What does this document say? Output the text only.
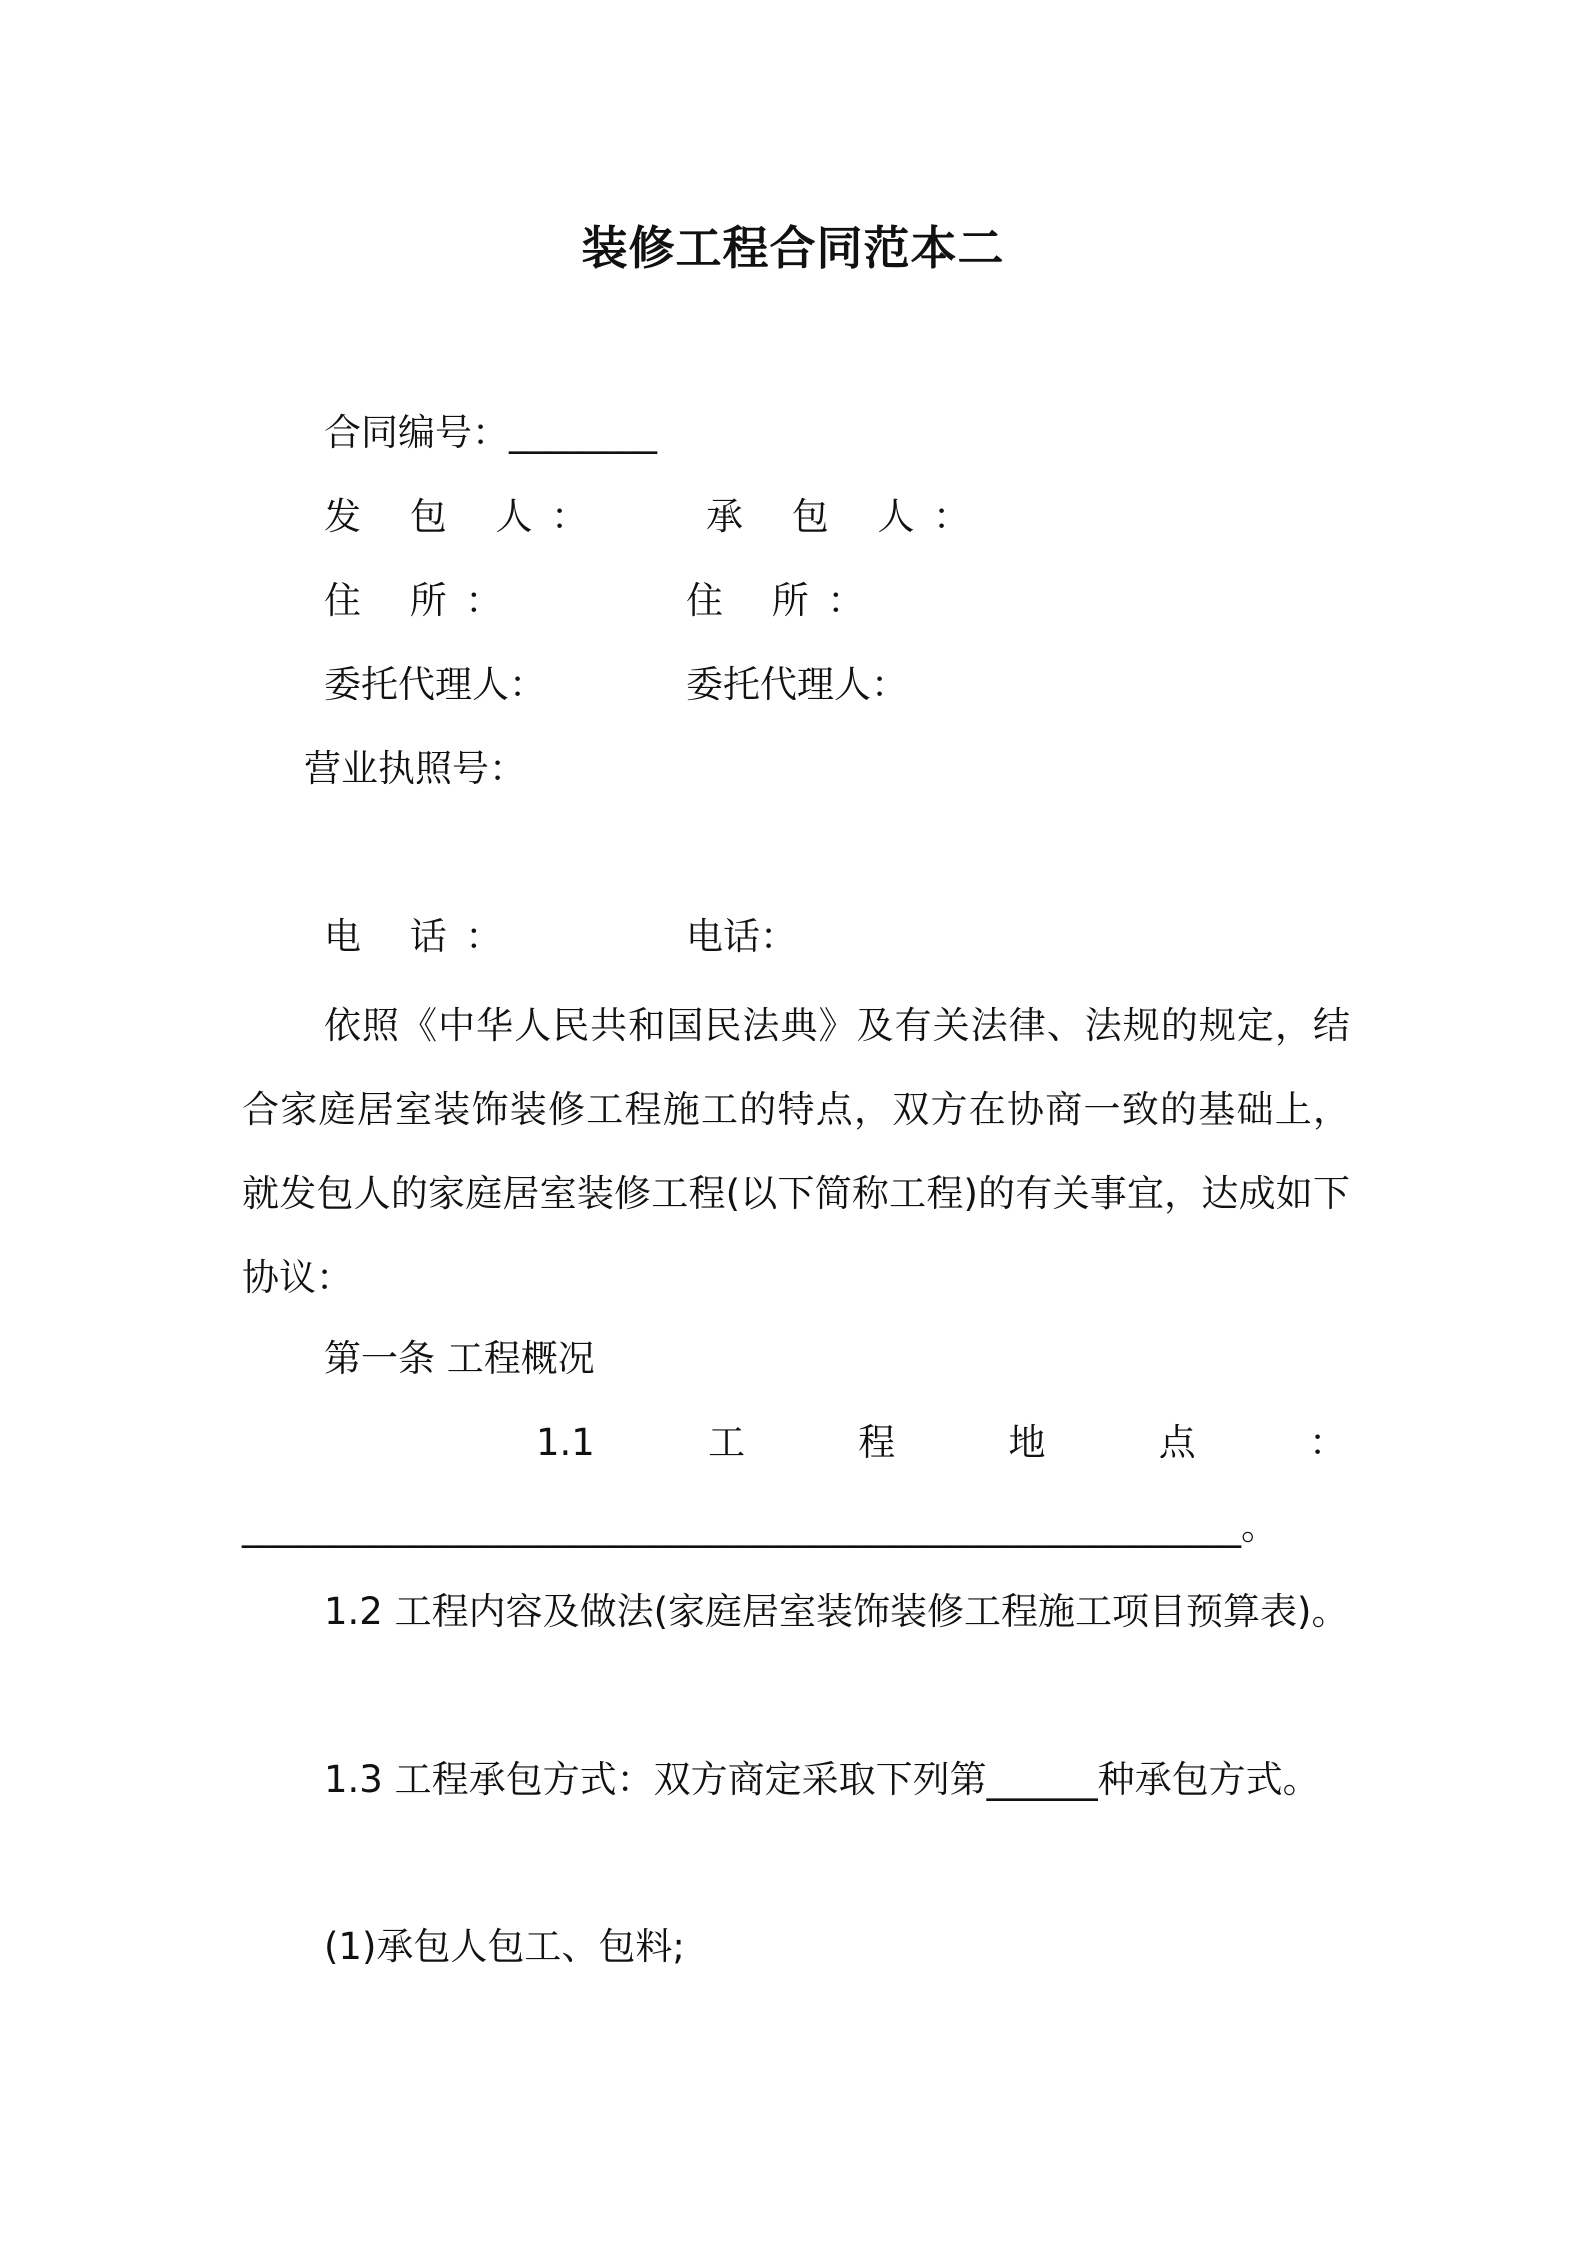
装修工程合同范本二
合同编号：________
发 包 人：	承 包 人：
住 所：	住 所：
委托代理人：	委托代理人：
营业执照号：
电 话：	电话：
依照《中华人民共和国民法典》及有关法律、法规的规定，结合家庭居室装饰装修工程施工的特点，双方在协商一致的基础上，就发包人的家庭居室装修工程(以下简称工程)的有关事宜，达成如下协议：
第一条 工程概况
1.1	工	程	地	点	：
______________________________________________________。
1.2 工程内容及做法(家庭居室装饰装修工程施工项目预算表)。
1.3 工程承包方式：双方商定采取下列第______种承包方式。
(1)承包人包工、包料;
